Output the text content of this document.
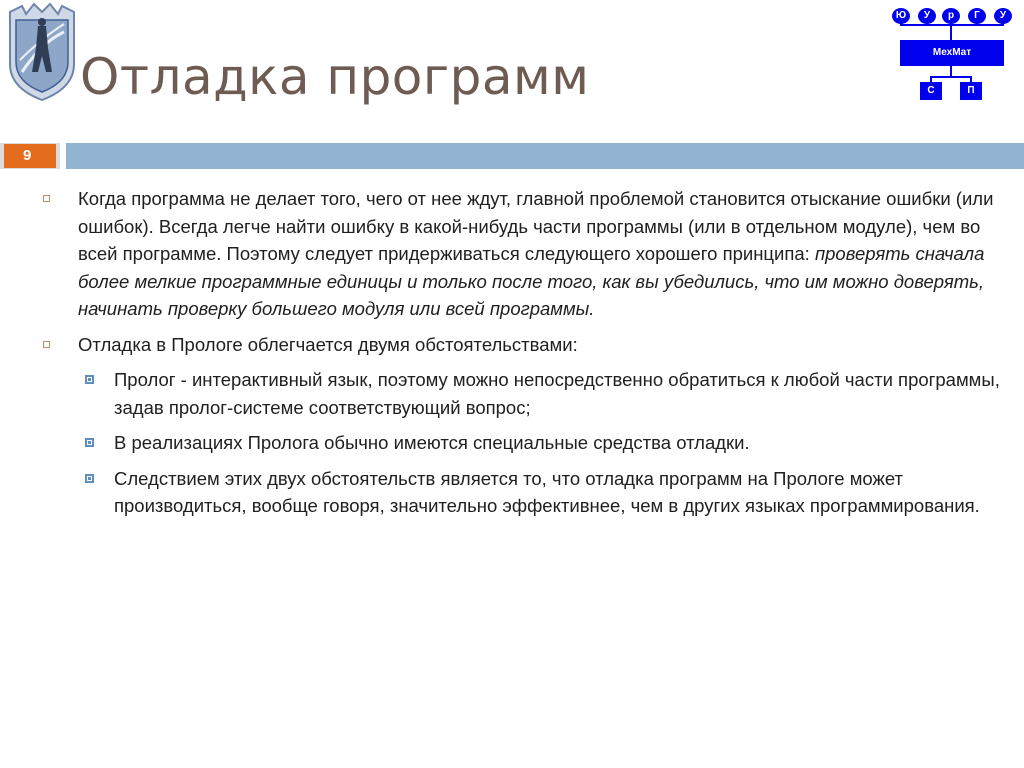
Отладка программ
9
Ю	У	р	Г	У
МехМат
С	П
Когда программа не делает того, чего от нее ждут, главной проблемой становится отыскание ошибки (или ошибок). Всегда легче найти ошибку в какой-нибудь части программы (или в отдельном модуле), чем во всей программе. Поэтому следует придерживаться следующего хорошего принципа: проверять сначала более мелкие программные единицы и только после того, как вы убедились, что им можно доверять, начинать проверку большего модуля или всей программы.
Отладка в Прологе облегчается двумя обстоятельствами:
Пролог - интерактивный язык, поэтому можно непосредственно обратиться к любой части программы, задав пролог-системе соответствующий вопрос;
В реализациях Пролога обычно имеются специальные средства отладки.
Следствием этих двух обстоятельств является то, что отладка программ на Прологе может производиться, вообще говоря, значительно эффективнее, чем в других языках программирования.
